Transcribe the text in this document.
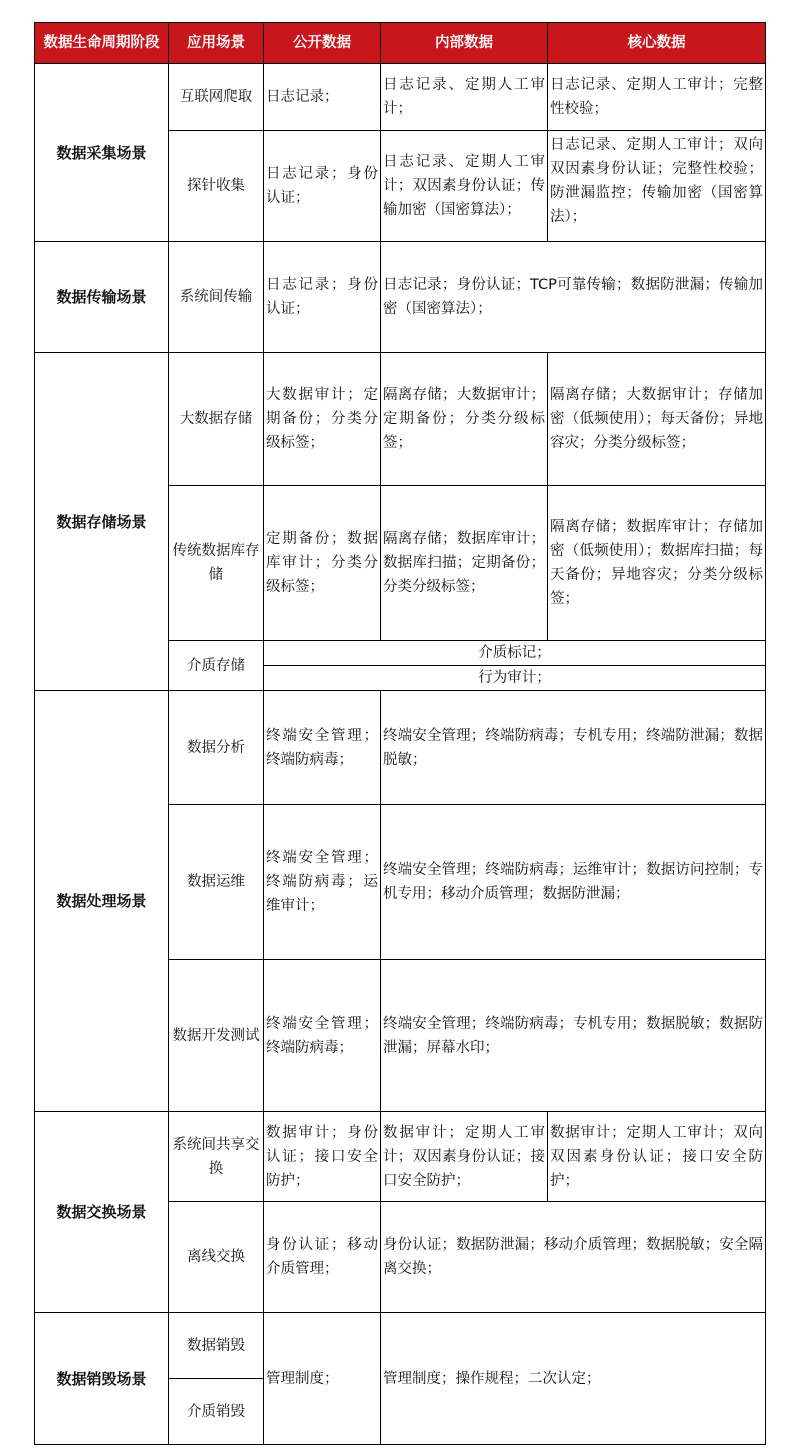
数据生命周期阶段	应用场景	公开数据	内部数据	核心数据
数据采集场景	互联网爬取	日志记录；	日志记录、定期人工审计；	日志记录、定期人工审计；完整性校验；
	探针收集	日志记录；身份认证；	日志记录、定期人工审计；双因素身份认证；传输加密（国密算法）；	日志记录、定期人工审计；双向双因素身份认证；完整性校验；防泄漏监控；传输加密（国密算法）；

数据传输场景	系统间传输	日志记录；身份认证；	日志记录；身份认证；TCP可靠传输；数据防泄漏；传输加密（国密算法）；	
数据存储场景	大数据存储	大数据审计；定期备份；分类分级标签；	隔离存储；大数据审计；定期备份；分类分级标签；	隔离存储；大数据审计；存储加密（低频使用）；每天备份；异地容灾；分类分级标签；
	传统数据库存储	定期备份；数据库审计；分类分级标签；	隔离存储；数据库审计；数据库扫描；定期备份；分类分级标签；	隔离存储；数据库审计；存储加密（低频使用）；数据库扫描；每天备份；异地容灾；分类分级标签；
	介质存储	介质标记；		
		行为审计；		
数据处理场景	数据分析	终端安全管理；终端防病毒；	终端安全管理；终端防病毒；专机专用；终端防泄漏；数据脱敏；	
	数据运维	终端安全管理；终端防病毒；运维审计；	终端安全管理；终端防病毒；运维审计；数据访问控制；专机专用；移动介质管理；数据防泄漏；	
	数据开发测试	终端安全管理；终端防病毒；	终端安全管理；终端防病毒；专机专用；数据脱敏；数据防泄漏；屏幕水印；	
数据交换场景	系统间共享交换	数据审计；身份认证；接口安全防护；	数据审计；定期人工审计；双因素身份认证；接口安全防护；	数据审计；定期人工审计；双向双因素身份认证；接口安全防护；
	离线交换	身份认证；移动介质管理；	身份认证；数据防泄漏；移动介质管理；数据脱敏；安全隔离交换；	
数据销毁场景	数据销毁	管理制度；	管理制度；操作规程；二次认定；	
	介质销毁			
